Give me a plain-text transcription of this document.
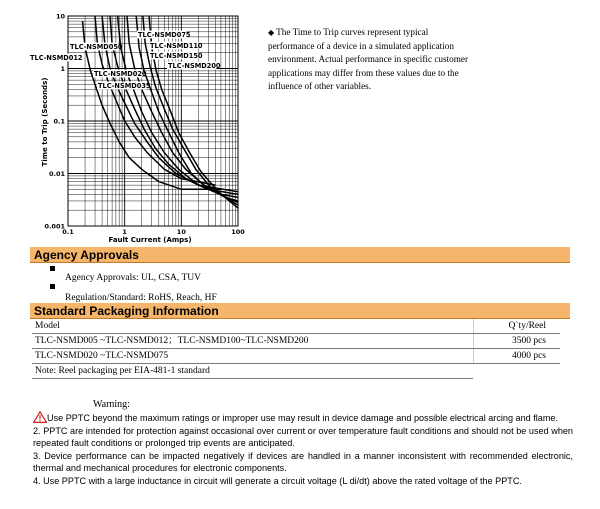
0.1	1	10	100
10
1
0.1
0.01
0.001
TLC-NSMD012
TLC-NSMD020
TLC-NSMD035
TLC-NSMD050
TLC-NSMD075
TLC-NSMD110
TLC-NSMD150
TLC-NSMD200
Fault Current (Amps)
Time to Trip (Seconds)
◆ The Time to Trip curves represent typical performance of a device in a simulated application environment. Actual performance in specific customer applications may differ from these values due to the influence of other variables.
Agency Approvals
Agency Approvals: UL, CSA, TUV
Regulation/Standard: RoHS, Reach, HF
Standard Packaging Information
Model	Q`ty/Reel
TLC-NSMD005 ~TLC-NSMD012；TLC-NSMD100~TLC-NSMD200	3500 pcs
TLC-NSMD020 ~TLC-NSMD075	4000 pcs
Note: Reel packaging per EIA-481-1 standard	
Warning:

Use PPTC beyond the maximum ratings or improper use may result in device damage and possible electrical arcing and flame.

2. PPTC are intended for protection against occasional over current or over temperature fault conditions and should not be used when repeated fault conditions or prolonged trip events are anticipated.

3. Device performance can be impacted negatively if devices are handled in a manner inconsistent with recommended electronic, thermal and mechanical procedures for electronic components.

4. Use PPTC with a large inductance in circuit will generate a circuit voltage (L di/dt) above the rated voltage of the PPTC.
